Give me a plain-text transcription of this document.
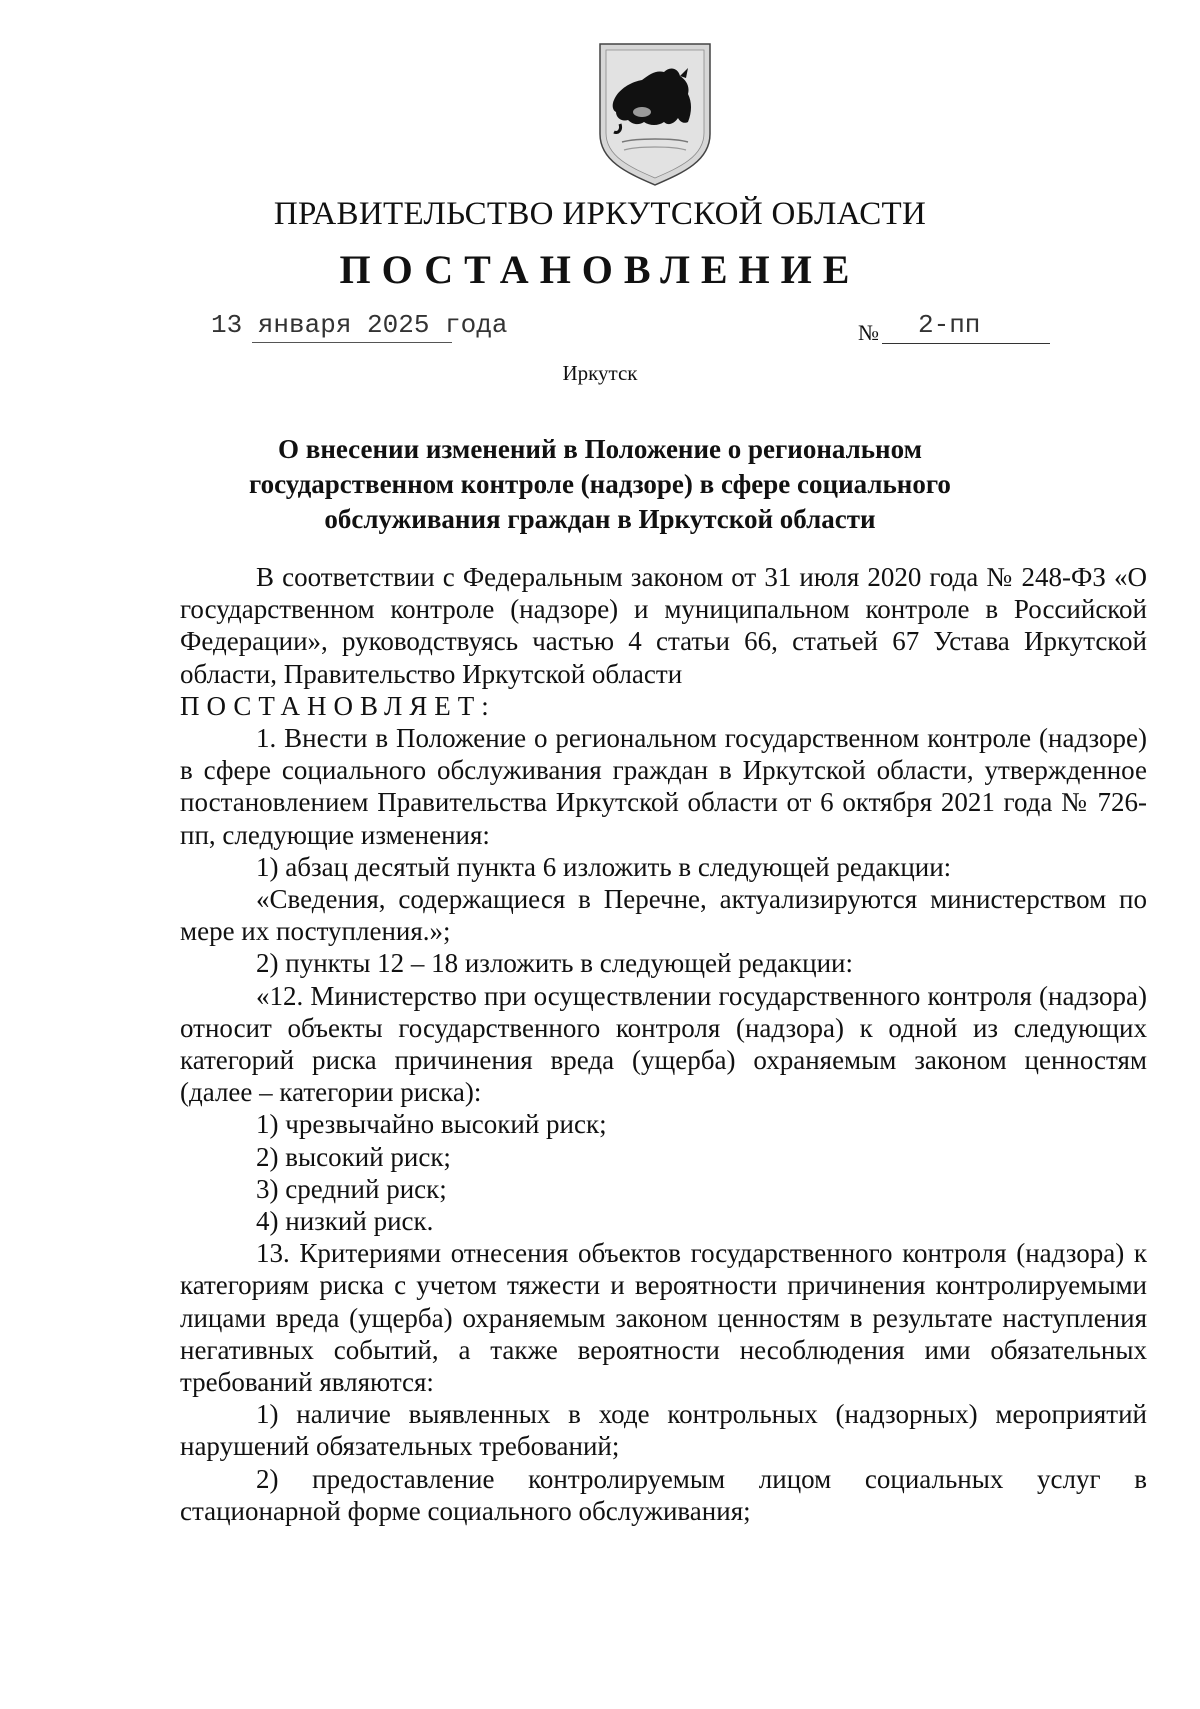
ПРАВИТЕЛЬСТВО ИРКУТСКОЙ ОБЛАСТИ
ПОСТАНОВЛЕНИЕ
13 января 2025 года	№ 2-пп
Иркутск
О внесении изменений в Положение о региональном государственном контроле (надзоре) в сфере социального обслуживания граждан в Иркутской области

В соответствии с Федеральным законом от 31 июля 2020 года № 248-ФЗ «О государственном контроле (надзоре) и муниципальном контроле в Российской Федерации», руководствуясь частью 4 статьи 66, статьей 67 Устава Иркутской области, Правительство Иркутской области

ПОСТАНОВЛЯЕТ:

1. Внести в Положение о региональном государственном контроле (надзоре) в сфере социального обслуживания граждан в Иркутской области, утвержденное постановлением Правительства Иркутской области от 6 октября 2021 года № 726-пп, следующие изменения:

1) абзац десятый пункта 6 изложить в следующей редакции:

«Сведения, содержащиеся в Перечне, актуализируются министерством по мере их поступления.»;

2) пункты 12 – 18 изложить в следующей редакции:

«12. Министерство при осуществлении государственного контроля (надзора) относит объекты государственного контроля (надзора) к одной из следующих категорий риска причинения вреда (ущерба) охраняемым законом ценностям (далее – категории риска):

1) чрезвычайно высокий риск;

2) высокий риск;

3) средний риск;

4) низкий риск.

13. Критериями отнесения объектов государственного контроля (надзора) к категориям риска с учетом тяжести и вероятности причинения контролируемыми лицами вреда (ущерба) охраняемым законом ценностям в результате наступления негативных событий, а также вероятности несоблюдения ими обязательных требований являются:

1) наличие выявленных в ходе контрольных (надзорных) мероприятий нарушений обязательных требований;

2) предоставление контролируемым лицом социальных услуг в стационарной форме социального обслуживания;
